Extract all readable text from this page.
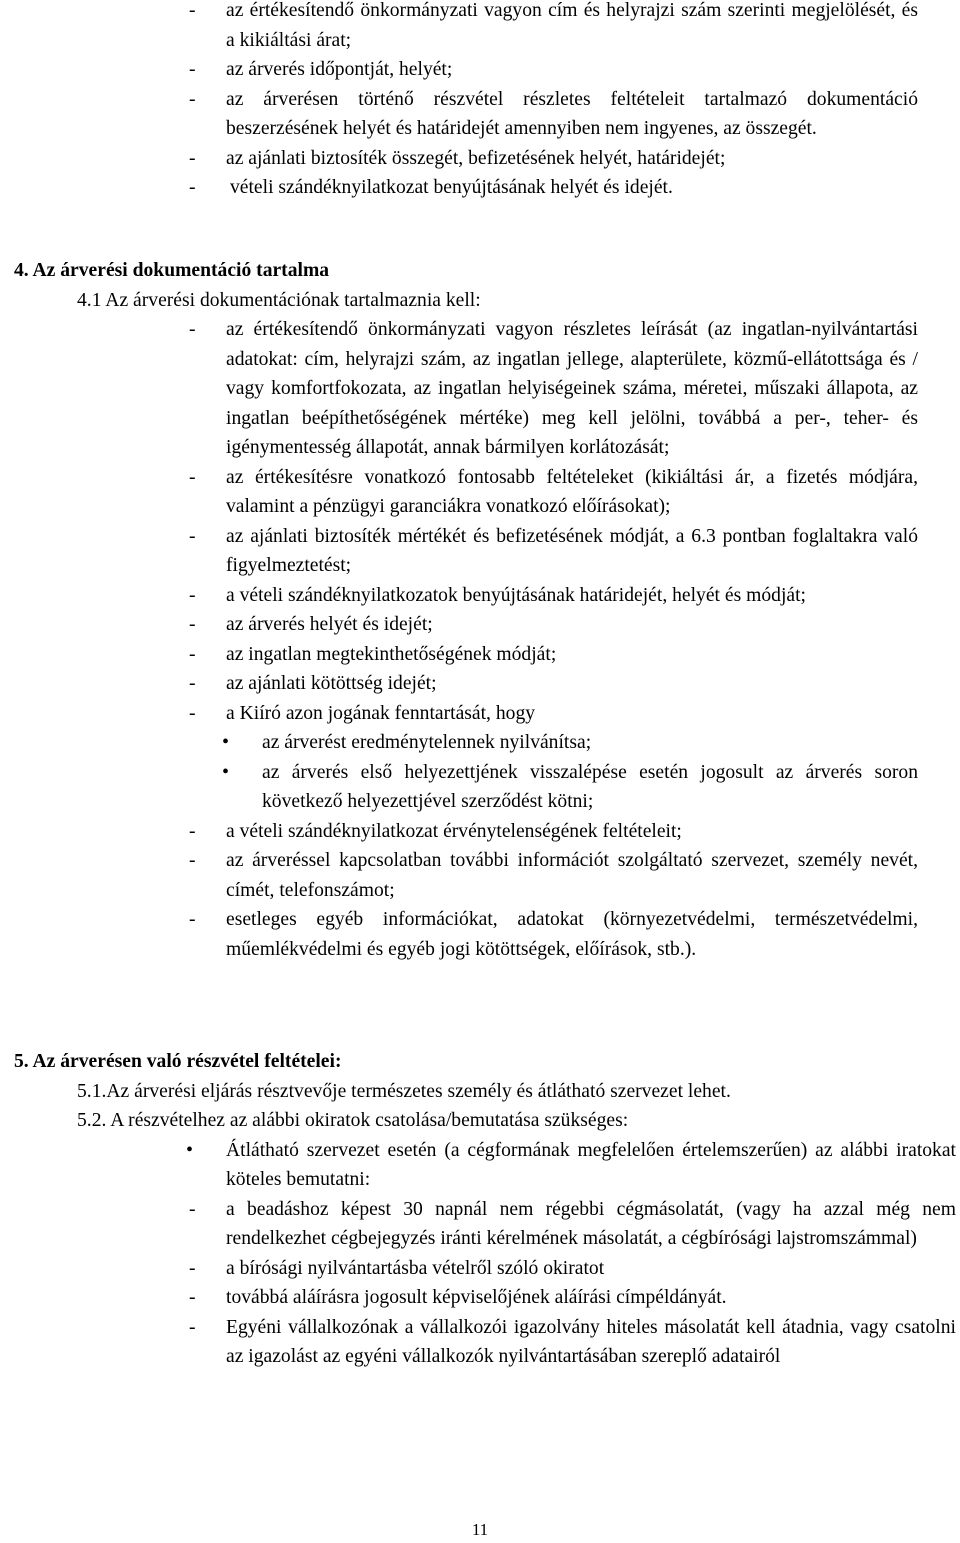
- az értékesítendő önkormányzati vagyon cím és helyrajzi szám szerinti megjelölését, és a kikiáltási árat;
- az árverés időpontját, helyét;
- az árverésen történő részvétel részletes feltételeit tartalmazó dokumentáció beszerzésének helyét és határidejét amennyiben nem ingyenes, az összegét.
- az ajánlati biztosíték összegét, befizetésének helyét, határidejét;
- vételi szándéknyilatkozat benyújtásának helyét és idejét.
4. Az árverési dokumentáció tartalma
4.1 Az árverési dokumentációnak tartalmaznia kell:
- az értékesítendő önkormányzati vagyon részletes leírását (az ingatlan-nyilvántartási adatokat: cím, helyrajzi szám, az ingatlan jellege, alapterülete, közmű-ellátottsága és / vagy komfortfokozata, az ingatlan helyiségeinek száma, méretei, műszaki állapota, az ingatlan beépíthetőségének mértéke) meg kell jelölni, továbbá a per-, teher- és igénymentesség állapotát, annak bármilyen korlátozását;
- az értékesítésre vonatkozó fontosabb feltételeket (kikiáltási ár, a fizetés módjára, valamint a pénzügyi garanciákra vonatkozó előírásokat);
- az ajánlati biztosíték mértékét és befizetésének módját, a 6.3 pontban foglaltakra való figyelmeztetést;
- a vételi szándéknyilatkozatok benyújtásának határidejét, helyét és módját;
- az árverés helyét és idejét;
- az ingatlan megtekinthetőségének módját;
- az ajánlati kötöttség idejét;
- a Kiíró azon jogának fenntartását, hogy
• az árverést eredménytelennek nyilvánítsa;
• az árverés első helyezettjének visszalépése esetén jogosult az árverés soron következő helyezettjével szerződést kötni;
- a vételi szándéknyilatkozat érvénytelenségének feltételeit;
- az árveréssel kapcsolatban további információt szolgáltató szervezet, személy nevét, címét, telefonszámot;
- esetleges egyéb információkat, adatokat (környezetvédelmi, természetvédelmi, műemlékvédelmi és egyéb jogi kötöttségek, előírások, stb.).
5. Az árverésen való részvétel feltételei:
5.1.Az árverési eljárás résztvevője természetes személy és átlátható szervezet lehet.
5.2. A részvételhez az alábbi okiratok csatolása/bemutatása szükséges:
• Átlátható szervezet esetén (a cégformának megfelelően értelemszerűen) az alábbi iratokat köteles bemutatni:
- a beadáshoz képest 30 napnál nem régebbi cégmásolatát, (vagy ha azzal még nem rendelkezhet cégbejegyzés iránti kérelmének másolatát, a cégbírósági lajstromszámmal)
- a bírósági nyilvántartásba vételről szóló okiratot
- továbbá aláírásra jogosult képviselőjének aláírási címpéldányát.
- Egyéni vállalkozónak a vállalkozói igazolvány hiteles másolatát kell átadnia, vagy csatolni az igazolást az egyéni vállalkozók nyilvántartásában szereplő adatairól
11
